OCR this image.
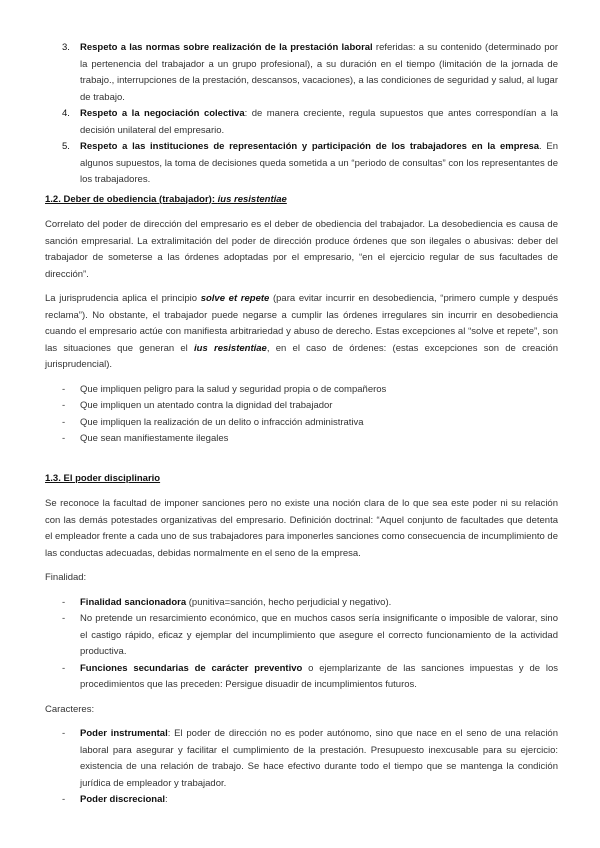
3. Respeto a las normas sobre realización de la prestación laboral referidas: a su contenido (determinado por la pertenencia del trabajador a un grupo profesional), a su duración en el tiempo (limitación de la jornada de trabajo., interrupciones de la prestación, descansos, vacaciones), a las condiciones de seguridad y salud, al lugar de trabajo.
4. Respeto a la negociación colectiva: de manera creciente, regula supuestos que antes correspondían a la decisión unilateral del empresario.
5. Respeto a las instituciones de representación y participación de los trabajadores en la empresa. En algunos supuestos, la toma de decisiones queda sometida a un “periodo de consultas” con los representantes de los trabajadores.
1.2. Deber de obediencia (trabajador): ius resistentiae

Correlato del poder de dirección del empresario es el deber de obediencia del trabajador. La desobediencia es causa de sanción empresarial. La extralimitación del poder de dirección produce órdenes que son ilegales o abusivas: deber del trabajador de someterse a las órdenes adoptadas por el empresario, “en el ejercicio regular de sus facultades de dirección”.

La jurisprudencia aplica el principio solve et repete (para evitar incurrir en desobediencia, “primero cumple y después reclama”). No obstante, el trabajador puede negarse a cumplir las órdenes irregulares sin incurrir en desobediencia cuando el empresario actúe con manifiesta arbitrariedad y abuso de derecho. Estas excepciones al “solve et repete”, son las situaciones que generan el ius resistentiae, en el caso de órdenes: (estas excepciones son de creación jurisprudencial).

- Que impliquen peligro para la salud y seguridad propia o de compañeros
- Que impliquen un atentado contra la dignidad del trabajador
- Que impliquen la realización de un delito o infracción administrativa
- Que sean manifiestamente ilegales
1.3. El poder disciplinario

Se reconoce la facultad de imponer sanciones pero no existe una noción clara de lo que sea este poder ni su relación con las demás potestades organizativas del empresario. Definición doctrinal: “Aquel conjunto de facultades que detenta el empleador frente a cada uno de sus trabajadores para imponerles sanciones como consecuencia de incumplimiento de las conductas adecuadas, debidas normalmente en el seno de la empresa.

Finalidad:

- Finalidad sancionadora (punitiva=sanción, hecho perjudicial y negativo).
- No pretende un resarcimiento económico, que en muchos casos sería insignificante o imposible de valorar, sino el castigo rápido, eficaz y ejemplar del incumplimiento que asegure el correcto funcionamiento de la actividad productiva.
- Funciones secundarias de carácter preventivo o ejemplarizante de las sanciones impuestas y de los procedimientos que las preceden: Persigue disuadir de incumplimientos futuros.

Caracteres:

- Poder instrumental: El poder de dirección no es poder autónomo, sino que nace en el seno de una relación laboral para asegurar y facilitar el cumplimiento de la prestación. Presupuesto inexcusable para su ejercicio: existencia de una relación de trabajo. Se hace efectivo durante todo el tiempo que se mantenga la condición jurídica de empleador y trabajador.
- Poder discrecional:
